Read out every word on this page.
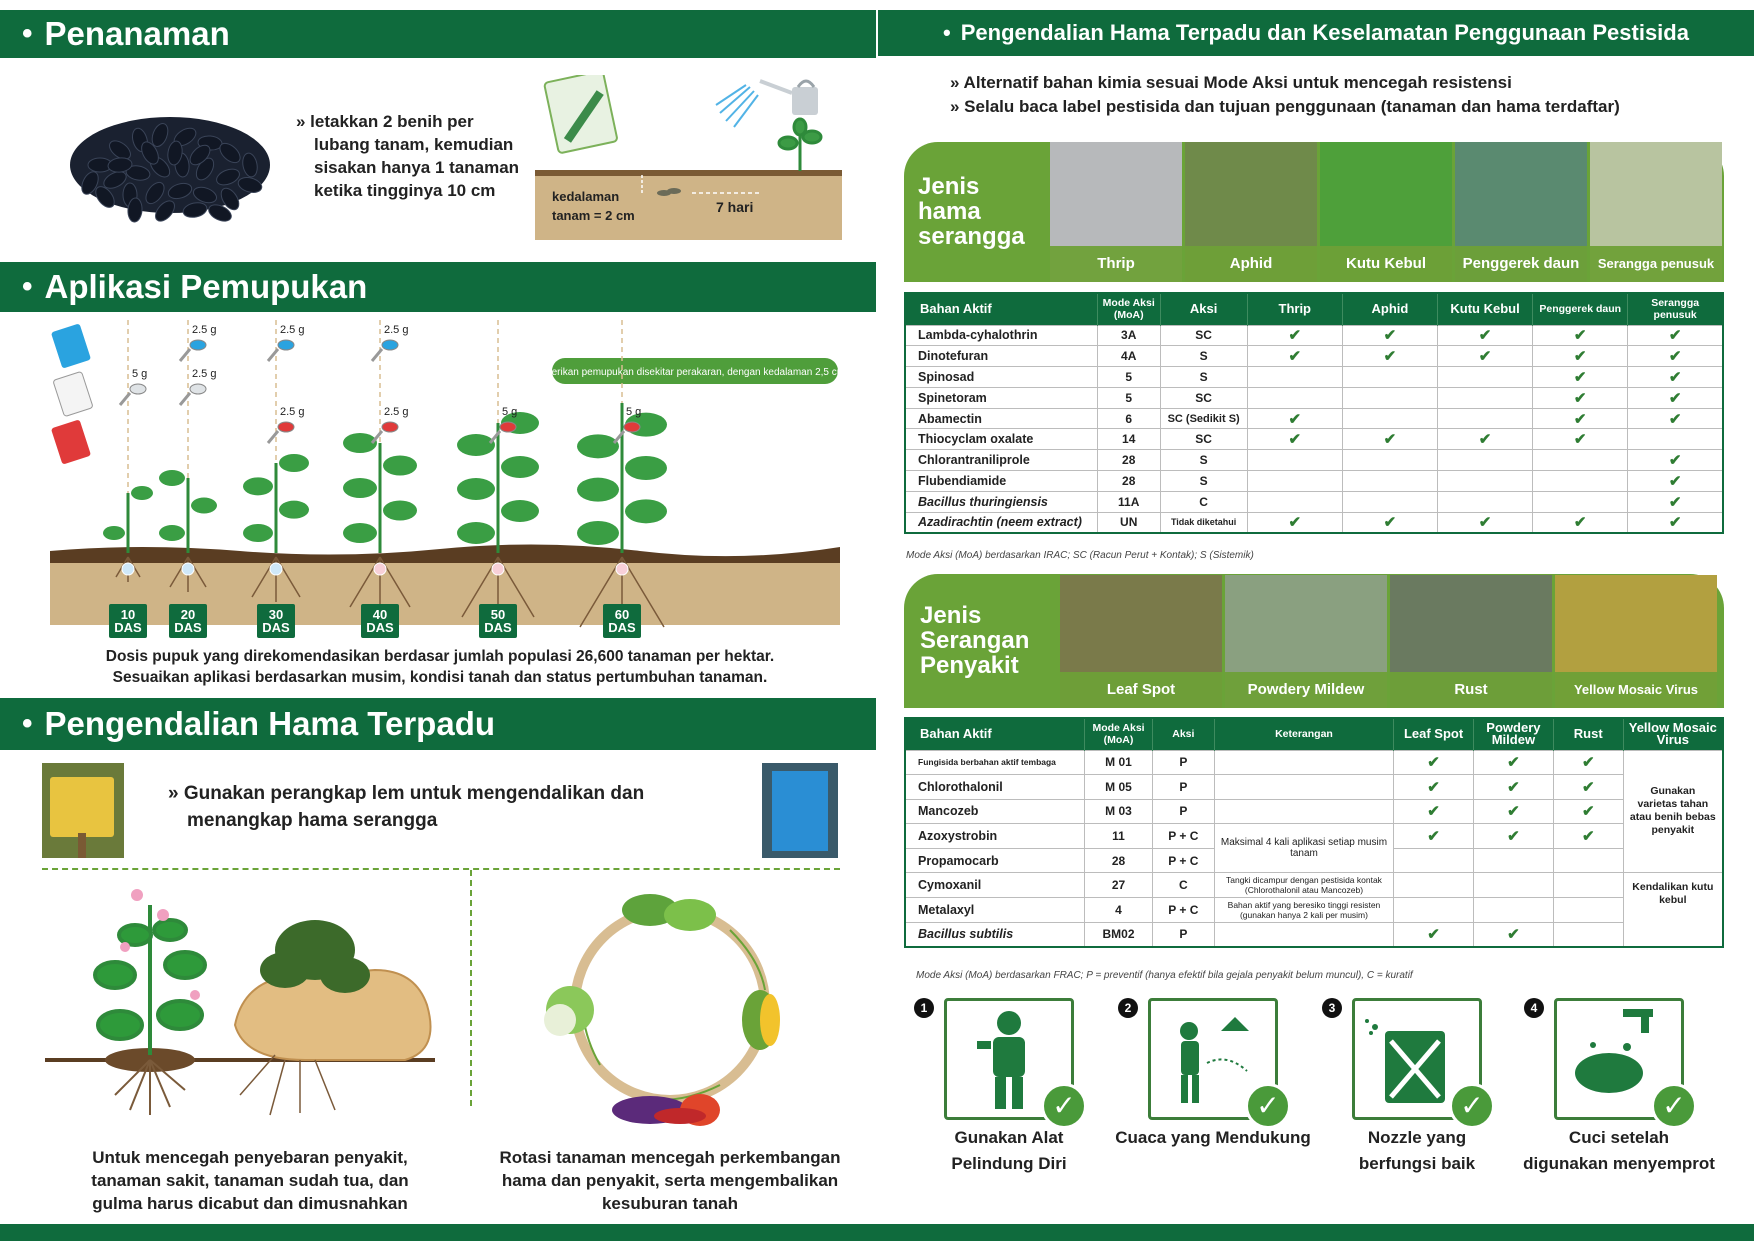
• Penanaman
» letakkan 2 benih per
lubang tanam, kemudian
sisakan hanya 1 tanaman
ketika tingginya 10 cm	kedalaman
tanam = 2 cm
7 hari
• Aplikasi Pemupukan
Berikan pemupukan disekitar perakaran, dengan kedalaman 2,5 cm
5 g
2.5 g
2.5 g
2.5 g	2.5 g
2.5 g	2.5 g	5 g	5 g
10
DAS
20
DAS
30
DAS
40
DAS
50
DAS
60
DAS
Dosis pupuk yang direkomendasikan berdasar jumlah populasi 26,600 tanaman per hektar.
Sesuaikan aplikasi berdasarkan musim, kondisi tanah dan status pertumbuhan tanaman.
• Pengendalian Hama Terpadu
» Gunakan perangkap lem untuk mengendalikan dan
menangkap hama serangga
Untuk mencegah penyebaran penyakit,
tanaman sakit, tanaman sudah tua, dan
gulma harus dicabut dan dimusnahkan
Rotasi tanaman mencegah perkembangan
hama dan penyakit, serta mengembalikan
kesuburan tanah
• Pengendalian Hama Terpadu dan Keselamatan Penggunaan Pestisida
» Alternatif bahan kimia sesuai Mode Aksi untuk mencegah resistensi
» Selalu baca label pestisida dan tujuan penggunaan (tanaman dan hama terdaftar)
Jenis
hama
serangga
Thrip	Aphid	Kutu Kebul	Penggerek daun	Serangga penusuk
Bahan Aktif	Mode Aksi (MoA)	Aksi	Thrip	Aphid	Kutu Kebul	Penggerek daun	Serangga penusuk
Lambda-cyhalothrin	3A	SC	✔	✔	✔	✔	✔
Dinotefuran	4A	S	✔	✔	✔	✔	✔
Spinosad	5	S				✔	✔
Spinetoram	5	SC				✔	✔
Abamectin	6	SC (Sedikit S)	✔			✔	✔
Thiocyclam oxalate	14	SC	✔	✔	✔	✔	
Chlorantraniliprole	28	S					✔
Flubendiamide	28	S					✔
Bacillus thuringiensis	11A	C					✔
Azadirachtin (neem extract)	UN	Tidak diketahui	✔	✔	✔	✔	✔
Mode Aksi (MoA) berdasarkan IRAC; SC (Racun Perut + Kontak); S (Sistemik)
Jenis
Serangan
Penyakit
Leaf Spot	Powdery Mildew	Rust	Yellow Mosaic Virus
Bahan Aktif	Mode Aksi (MoA)	Aksi	Keterangan	Leaf Spot	Powdery Mildew	Rust	Yellow Mosaic Virus
Fungisida berbahan aktif tembaga	M 01	P		✔	✔	✔	Gunakan varietas tahan atau benih bebas penyakit
Chlorothalonil	M 05	P		✔	✔	✔	
Mancozeb	M 03	P		✔	✔	✔	
Azoxystrobin	11	P + C	Maksimal 4 kali aplikasi setiap musim tanam	✔	✔	✔	
Propamocarb	28	P + C					
Cymoxanil	27	C	Tangki dicampur dengan pestisida kontak (Chlorothalonil atau Mancozeb)				Kendalikan kutu kebul
Metalaxyl	4	P + C	Bahan aktif yang beresiko tinggi resisten (gunakan hanya 2 kali per musim)				
Bacillus subtilis	BM02	P		✔	✔		
Mode Aksi (MoA) berdasarkan FRAC; P = preventif (hanya efektif bila gejala penyakit belum muncul), C = kuratif
1
✓
Gunakan Alat
Pelindung Diri
2
✓
Cuaca yang Mendukung
3
✓
Nozzle yang
berfungsi baik
4
✓
Cuci setelah
digunakan menyemprot
